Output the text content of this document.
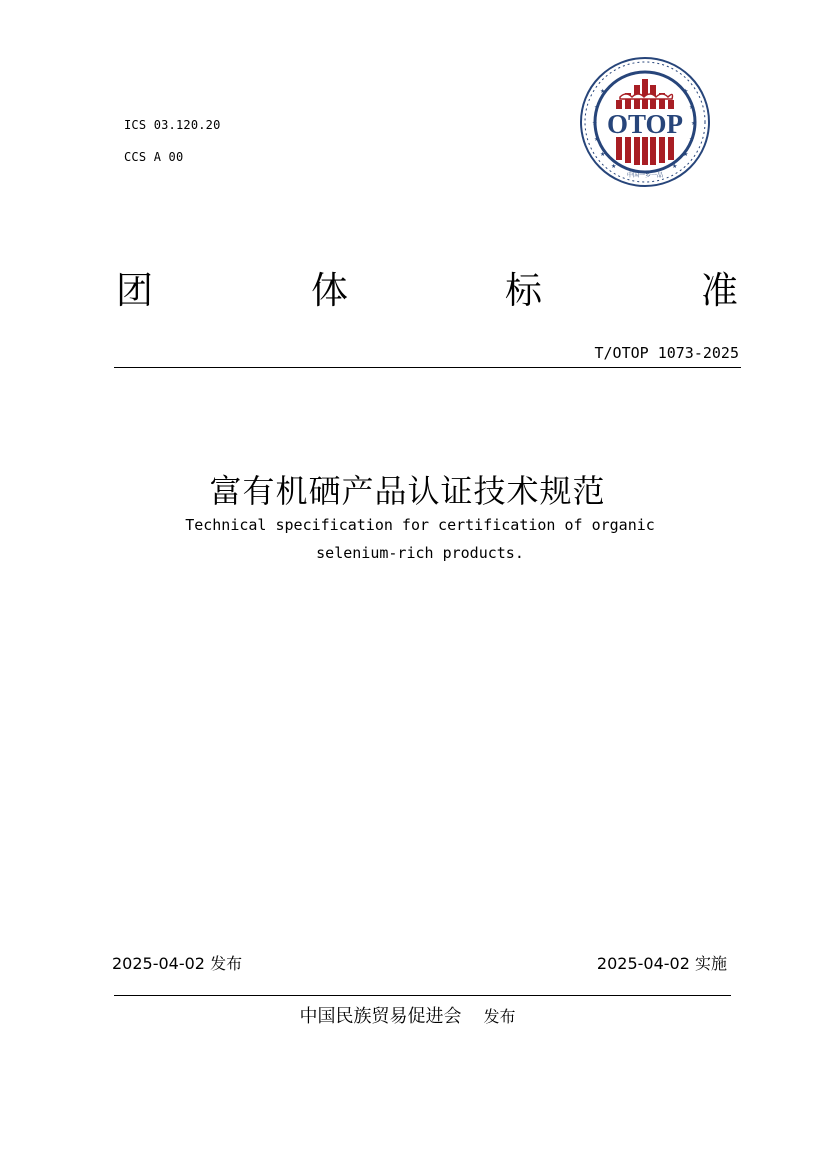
ICS 03.120.20
CCS A 00
OTOP
★
★
★
★
★
★
★
★
★
★
★
★
中国一乡一品
团	体	标	准
T/OTOP 1073-2025
富有机硒产品认证技术规范
Technical specification for certification of organic
selenium-rich products.
2025-04-02 发布	2025-04-02 实施
中国民族贸易促进会 发布
